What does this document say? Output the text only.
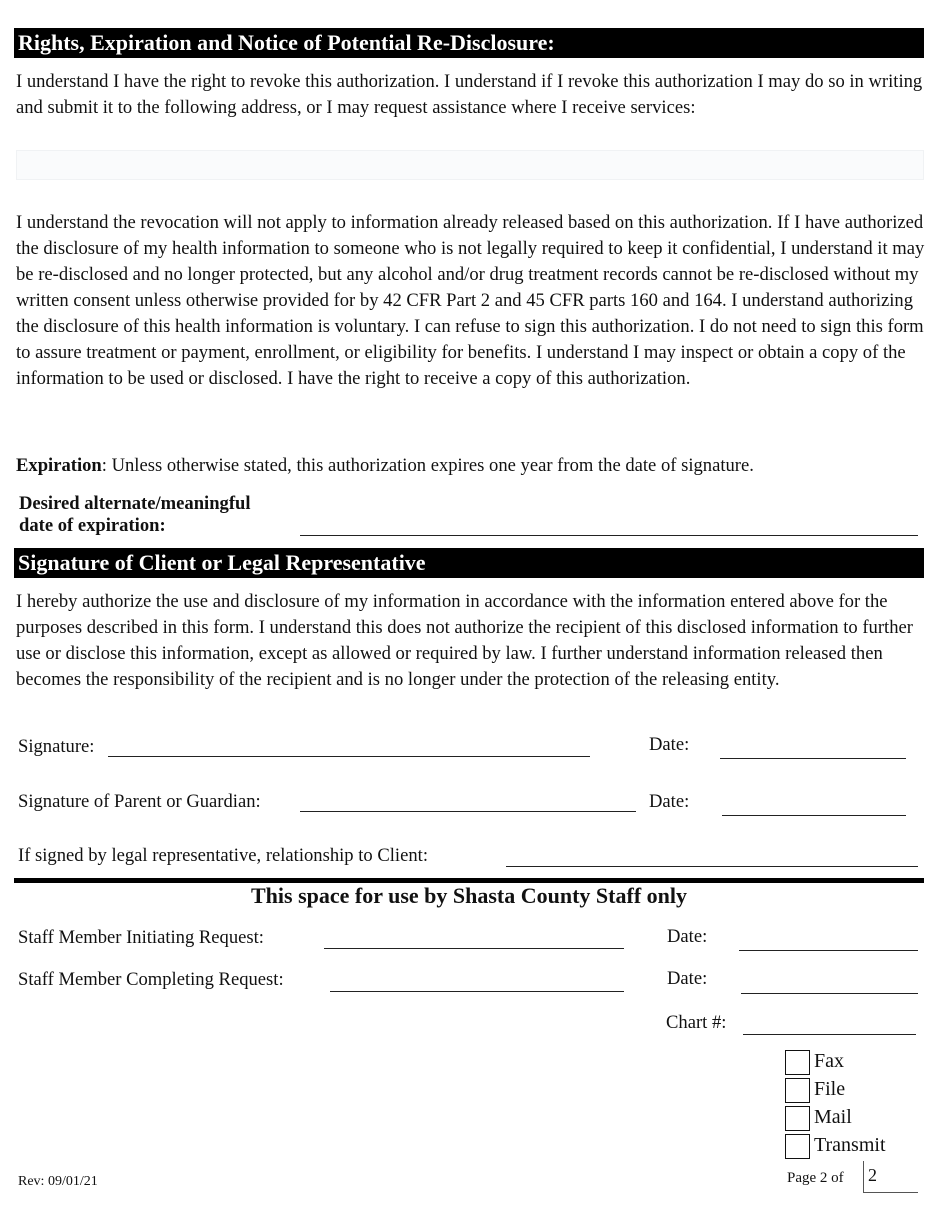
Rights, Expiration and Notice of Potential Re-Disclosure:

I understand I have the right to revoke this authorization. I understand if I revoke this authorization I may do so in writing and submit it to the following address, or I may request assistance where I receive services:

I understand the revocation will not apply to information already released based on this authorization. If I have authorized the disclosure of my health information to someone who is not legally required to keep it confidential, I understand it may be re-disclosed and no longer protected, but any alcohol and/or drug treatment records cannot be re-disclosed without my written consent unless otherwise provided for by 42 CFR Part 2 and 45 CFR parts 160 and 164. I understand authorizing the disclosure of this health information is voluntary. I can refuse to sign this authorization. I do not need to sign this form to assure treatment or payment, enrollment, or eligibility for benefits. I understand I may inspect or obtain a copy of the information to be used or disclosed. I have the right to receive a copy of this authorization.

Expiration: Unless otherwise stated, this authorization expires one year from the date of signature.
Desired alternate/meaningful
date of expiration:
Signature of Client or Legal Representative

I hereby authorize the use and disclosure of my information in accordance with the information entered above for the purposes described in this form. I understand this does not authorize the recipient of this disclosed information to further use or disclose this information, except as allowed or required by law. I further understand information released then becomes the responsibility of the recipient and is no longer under the protection of the releasing entity.

Signature:	Date:
Signature of Parent or Guardian:	Date:
If signed by legal representative, relationship to Client:
This space for use by Shasta County Staff only
Staff Member Initiating Request:	Date:
Staff Member Completing Request:	Date:
Chart #:
Fax
File
Mail
Transmit
Rev: 09/01/21	Page 2 of 2
